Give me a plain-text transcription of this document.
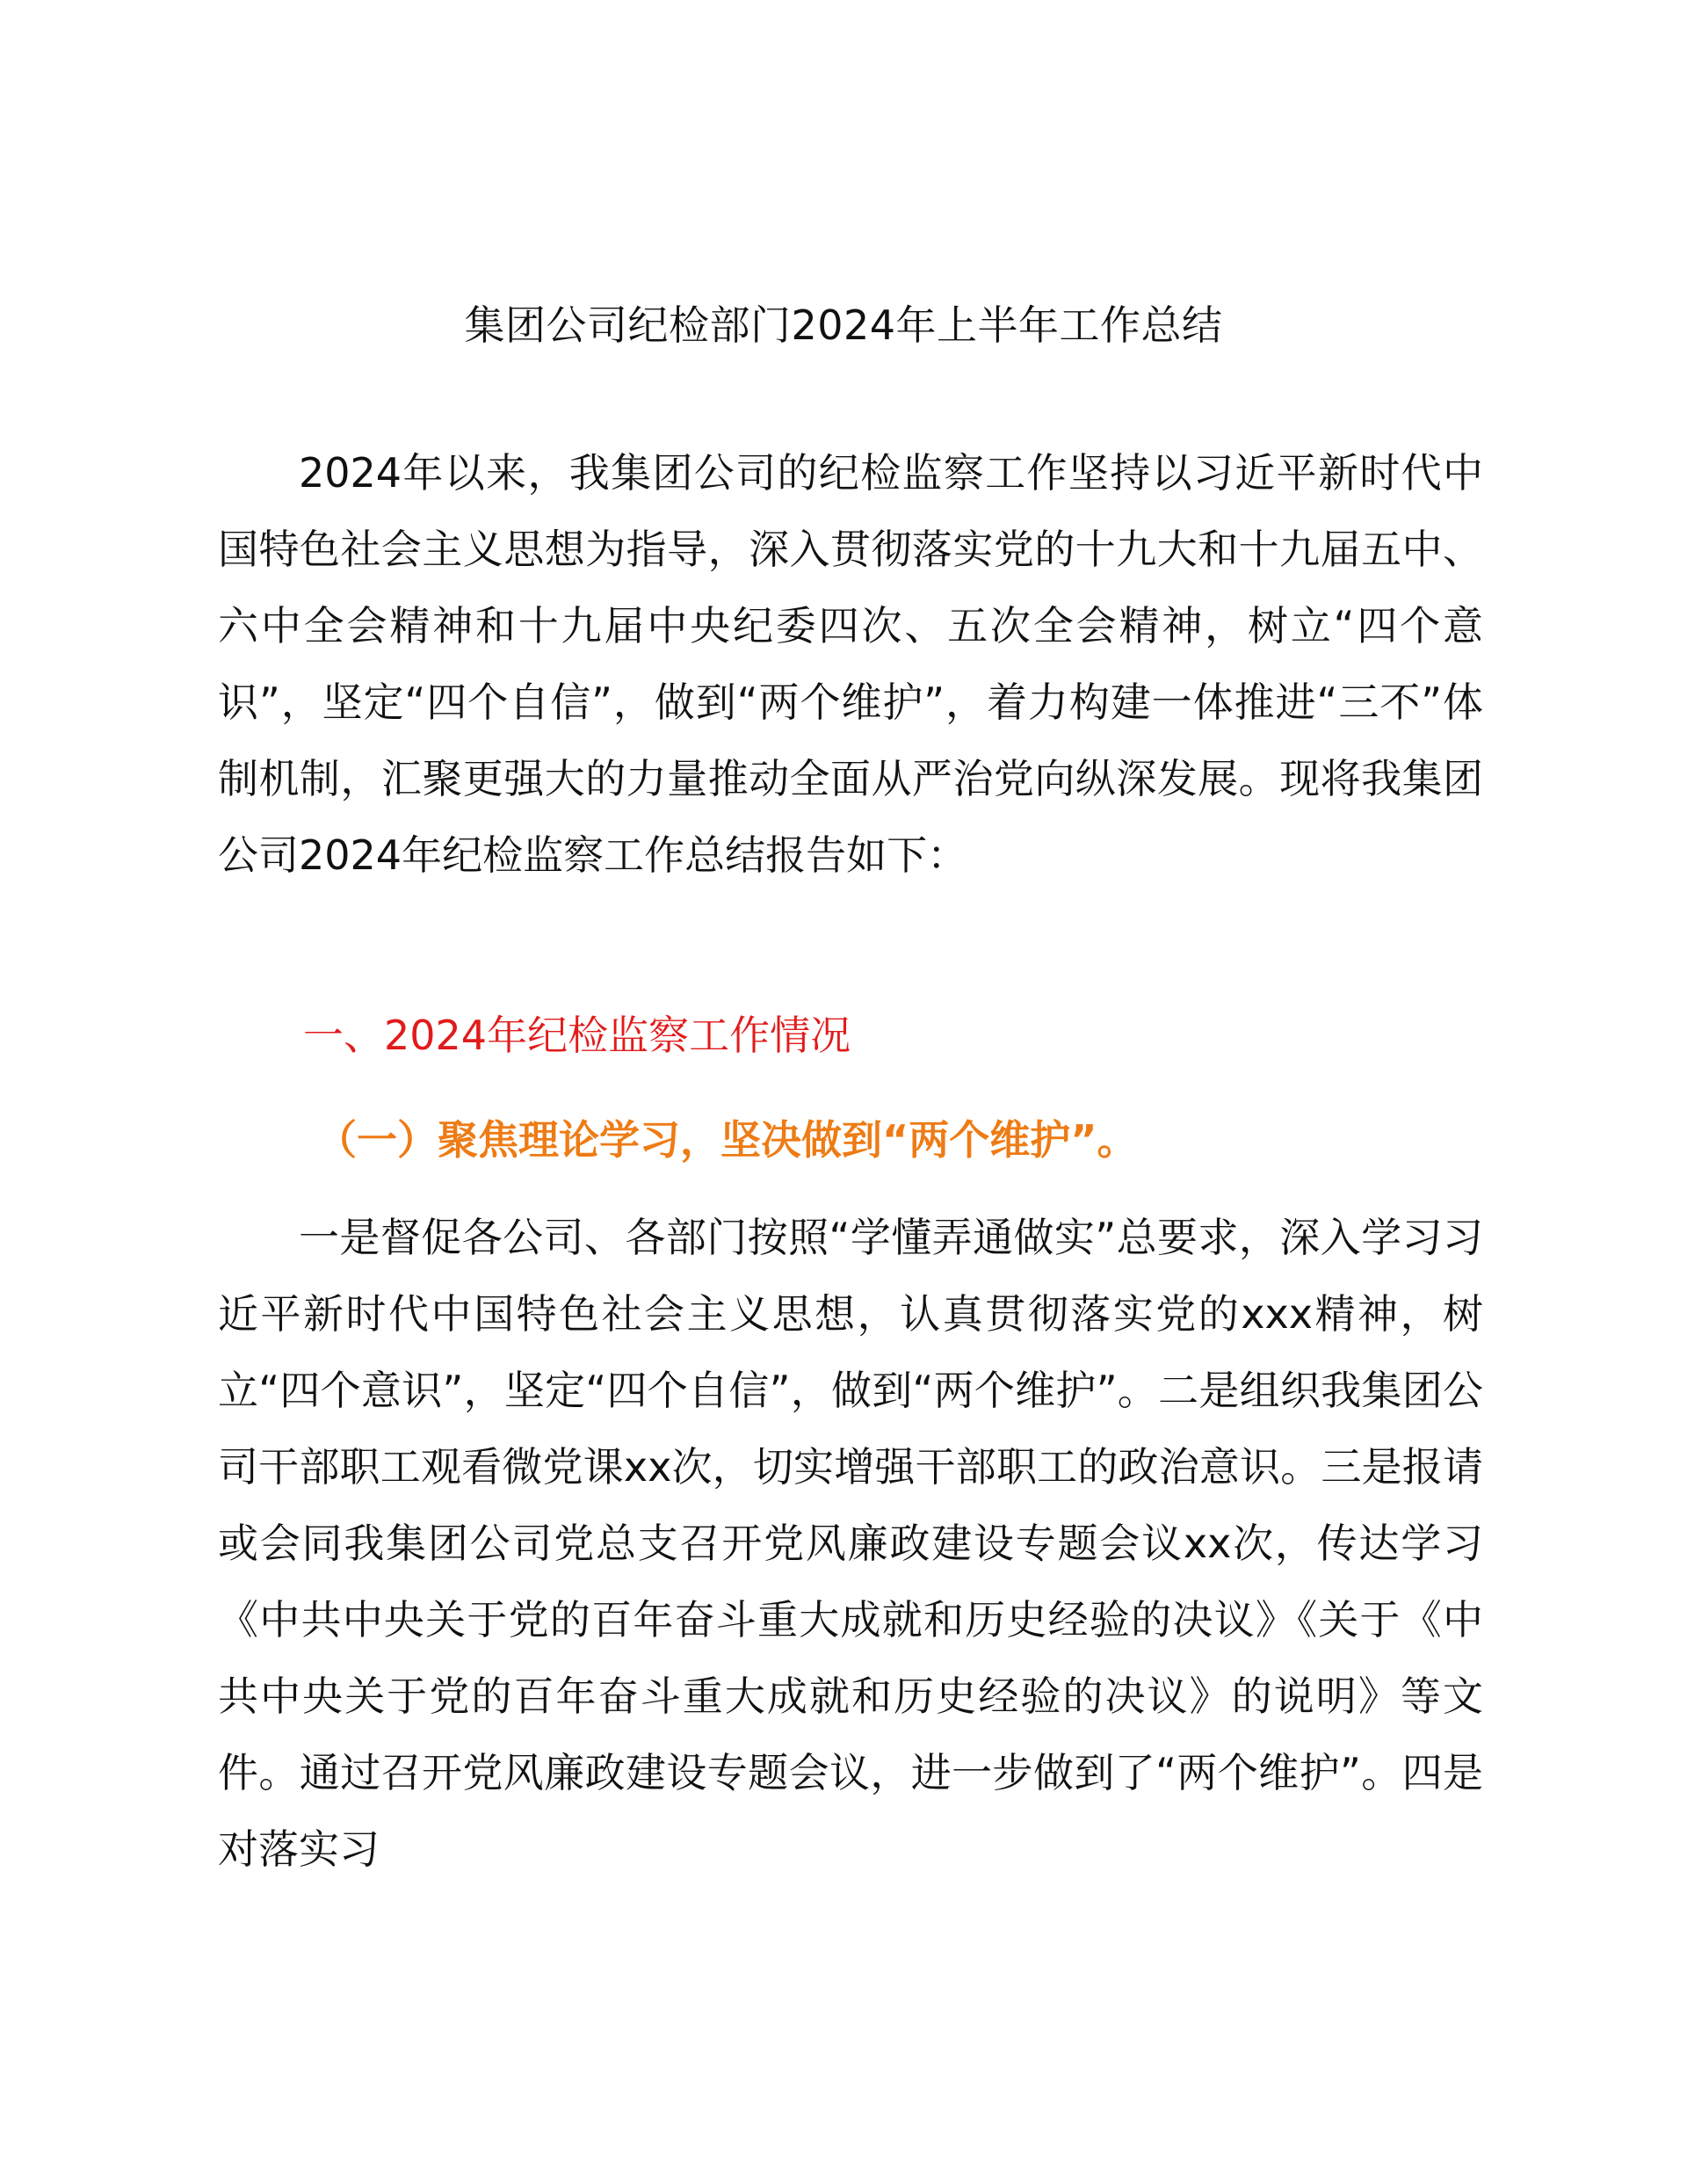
集团公司纪检部门2024年上半年工作总结
2024年以来，我集团公司的纪检监察工作坚持以习近平新时代中国特色社会主义思想为指导，深入贯彻落实党的十九大和十九届五中、六中全会精神和十九届中央纪委四次、五次全会精神，树立“四个意识”，坚定“四个自信”，做到“两个维护”，着力构建一体推进“三不”体制机制，汇聚更强大的力量推动全面从严治党向纵深发展。现将我集团公司2024年纪检监察工作总结报告如下：
一、2024年纪检监察工作情况
（一）聚焦理论学习，坚决做到“两个维护”。
一是督促各公司、各部门按照“学懂弄通做实”总要求，深入学习习近平新时代中国特色社会主义思想，认真贯彻落实党的xxx精神，树立“四个意识”，坚定“四个自信”，做到“两个维护”。二是组织我集团公司干部职工观看微党课xx次，切实增强干部职工的政治意识。三是报请或会同我集团公司党总支召开党风廉政建设专题会议xx次，传达学习《中共中央关于党的百年奋斗重大成就和历史经验的决议》《关于《中共中央关于党的百年奋斗重大成就和历史经验的决议》的说明》等文件。通过召开党风廉政建设专题会议，进一步做到了“两个维护”。四是对落实习
